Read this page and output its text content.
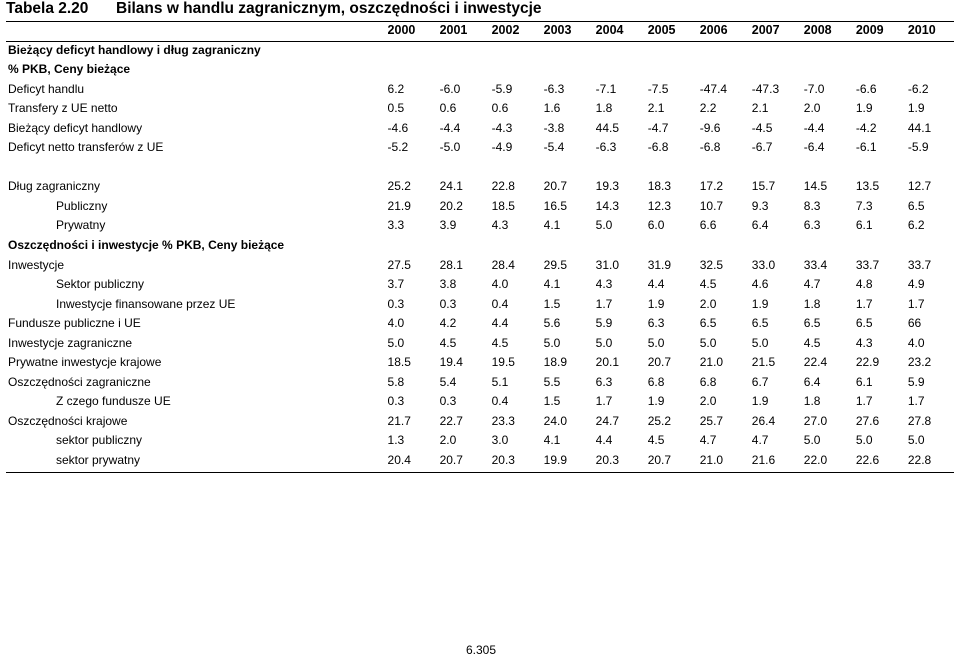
Tabela 2.20 Bilans w handlu zagranicznym, oszczędności i inwestycje
	2000	2001	2002	2003	2004	2005	2006	2007	2008	2009	2010
Bieżący deficyt handlowy i dług zagraniczny											
% PKB, Ceny bieżące											
Deficyt handlu	6.2	-6.0	-5.9	-6.3	-7.1	-7.5	-47.4	-47.3	-7.0	-6.6	-6.2
Transfery z UE netto	0.5	0.6	0.6	1.6	1.8	2.1	2.2	2.1	2.0	1.9	1.9
Bieżący deficyt handlowy	-4.6	-4.4	-4.3	-3.8	44.5	-4.7	-9.6	-4.5	-4.4	-4.2	44.1
Deficyt netto transferów z UE	-5.2	-5.0	-4.9	-5.4	-6.3	-6.8	-6.8	-6.7	-6.4	-6.1	-5.9

Dług zagraniczny	25.2	24.1	22.8	20.7	19.3	18.3	17.2	15.7	14.5	13.5	12.7
Publiczny	21.9	20.2	18.5	16.5	14.3	12.3	10.7	9.3	8.3	7.3	6.5
Prywatny	3.3	3.9	4.3	4.1	5.0	6.0	6.6	6.4	6.3	6.1	6.2
Oszczędności i inwestycje % PKB, Ceny bieżące											
Inwestycje	27.5	28.1	28.4	29.5	31.0	31.9	32.5	33.0	33.4	33.7	33.7
Sektor publiczny	3.7	3.8	4.0	4.1	4.3	4.4	4.5	4.6	4.7	4.8	4.9
Inwestycje finansowane przez UE	0.3	0.3	0.4	1.5	1.7	1.9	2.0	1.9	1.8	1.7	1.7
Fundusze publiczne i UE	4.0	4.2	4.4	5.6	5.9	6.3	6.5	6.5	6.5	6.5	66
Inwestycje zagraniczne	5.0	4.5	4.5	5.0	5.0	5.0	5.0	5.0	4.5	4.3	4.0
Prywatne inwestycje krajowe	18.5	19.4	19.5	18.9	20.1	20.7	21.0	21.5	22.4	22.9	23.2
Oszczędności zagraniczne	5.8	5.4	5.1	5.5	6.3	6.8	6.8	6.7	6.4	6.1	5.9
Z czego fundusze UE	0.3	0.3	0.4	1.5	1.7	1.9	2.0	1.9	1.8	1.7	1.7
Oszczędności krajowe	21.7	22.7	23.3	24.0	24.7	25.2	25.7	26.4	27.0	27.6	27.8
sektor publiczny	1.3	2.0	3.0	4.1	4.4	4.5	4.7	4.7	5.0	5.0	5.0
sektor prywatny	20.4	20.7	20.3	19.9	20.3	20.7	21.0	21.6	22.0	22.6	22.8
6.305
